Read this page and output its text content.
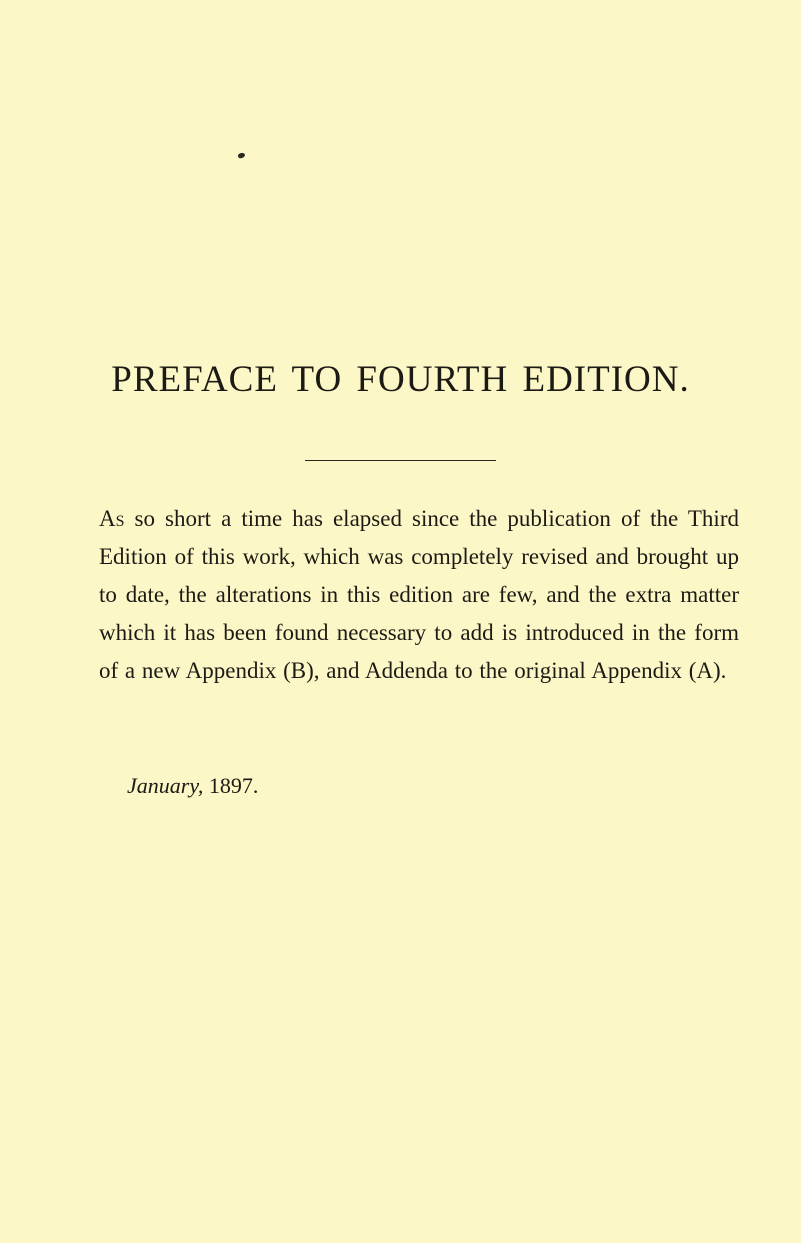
PREFACE TO FOURTH EDITION.

As so short a time has elapsed since the publication of the Third Edition of this work, which was completely revised and brought up to date, the alterations in this edition are few, and the extra matter which it has been found necessary to add is introduced in the form of a new Appendix (B), and Addenda to the original Appendix (A).

January, 1897.
